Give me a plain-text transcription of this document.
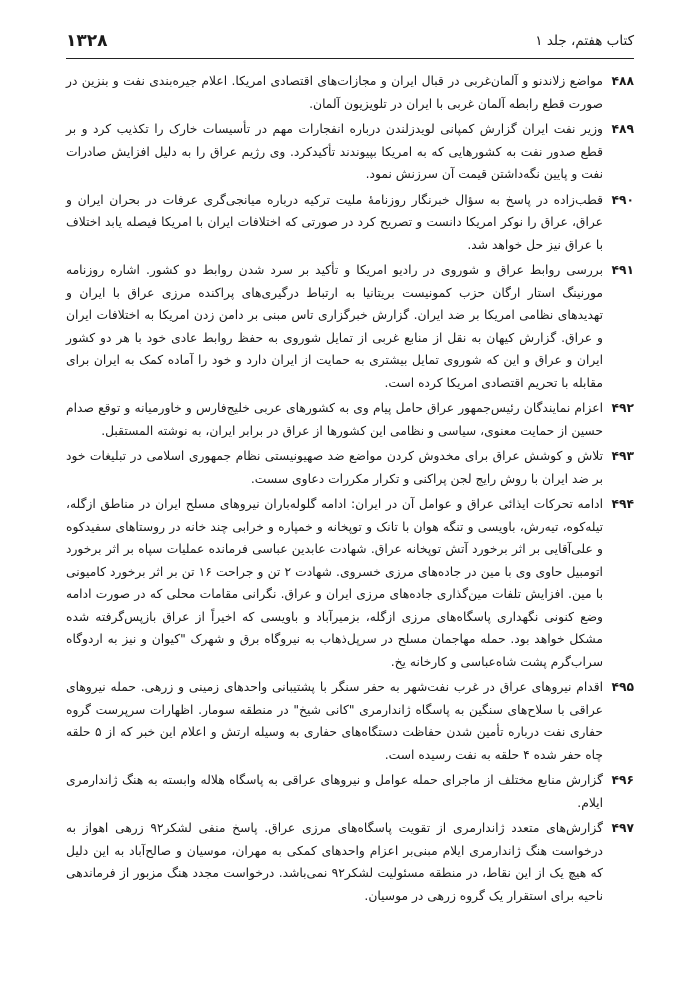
کتاب هفتم، جلد ۱
۱۳۲۸
۴۸۸
مواضع زلاندنو و آلمان‌غربی در قبال ایران و مجازات‌های اقتصادی امریکا. اعلام جیره‌بندی نفت و بنزین در صورت قطع رابطه آلمان غربی با ایران در تلویزیون آلمان.
۴۸۹
وزیر نفت ایران گزارش کمپانی لویدزلندن درباره انفجارات مهم در تأسیسات خارک را تکذیب کرد و بر قطع صدور نفت به کشورهایی که به امریکا بپیوندند تأکیدکرد. وی رژیم عراق را به دلیل افزایش صادرات نفت و پایین نگه‌داشتن قیمت آن سرزنش نمود.
۴۹۰
قطب‌زاده در پاسخ به سؤال خبرنگار روزنامهٔ ملیت ترکیه درباره میانجی‌گری عرفات در بحران ایران و عراق، عراق را نوکر امریکا دانست و تصریح کرد در صورتی که اختلافات ایران با امریکا فیصله یابد اختلاف با عراق نیز حل خواهد شد.
۴۹۱
بررسی روابط عراق و شوروی در رادیو امریکا و تأکید بر سرد شدن روابط دو کشور. اشاره روزنامه مورنینگ استار ارگان حزب کمونیست بریتانیا به ارتباط درگیری‌های پراکنده مرزی عراق با ایران و تهدیدهای نظامی امریکا بر ضد ایران. گزارش خبرگزاری تاس مبنی بر دامن زدن امریکا به اختلافات ایران و عراق. گزارش کیهان به نقل از منابع غربی از تمایل شوروی به حفظ روابط عادی خود با هر دو کشور ایران و عراق و این که شوروی تمایل بیشتری به حمایت از ایران دارد و خود را آماده کمک به ایران برای مقابله با تحریم اقتصادی امریکا کرده است.
۴۹۲
اعزام نمایندگان رئیس‌جمهور عراق حامل پیام وی به کشورهای عربی خلیج‌فارس و خاورمیانه و توقع صدام حسین از حمایت معنوی، سیاسی و نظامی این کشورها از عراق در برابر ایران، به نوشته المستقبل.
۴۹۳
تلاش و کوشش عراق برای مخدوش کردن مواضع ضد صهیونیستی نظام جمهوری اسلامی در تبلیغات خود بر ضد ایران با روش رایج لجن پراکنی و تکرار مکررات دعاوی سست.
۴۹۴
ادامه تحرکات ایذائی عراق و عوامل آن در ایران: ادامه گلوله‌باران نیروهای مسلح ایران در مناطق ازگله، تیله‌کوه، تیه‌رش، باویسی و تنگه هوان با تانک و توپخانه و خمپاره و خرابی چند خانه در روستاهای سفیدکوه و علی‌آقایی بر اثر برخورد آتش توپخانه عراق. شهادت عابدین عباسی فرمانده عملیات سپاه بر اثر برخورد اتومبیل حاوی وی با مین در جاده‌های مرزی خسروی. شهادت ۲ تن و جراحت ۱۶ تن بر اثر برخورد کامیونی با مین. افزایش تلفات مین‌گذاری جاده‌های مرزی ایران و عراق. نگرانی مقامات محلی که در صورت ادامه وضع کنونی نگهداری پاسگاه‌های مرزی ازگله، بزمیرآباد و باویسی که اخیراً از عراق بازپس‌گرفته شده مشکل خواهد بود. حمله مهاجمان مسلح در سرپل‌ذهاب به نیروگاه برق و شهرک "کیوان و نیز به اردوگاه سراب‌گرم پشت شاه‌عباسی و کارخانه یخ.
۴۹۵
اقدام نیروهای عراق در غرب نفت‌شهر به حفر سنگر با پشتیبانی واحدهای زمینی و زرهی. حمله نیروهای عراقی با سلاح‌های سنگین به پاسگاه ژاندارمری "کانی شیخ" در منطقه سومار. اظهارات سرپرست گروه حفاری نفت درباره تأمین شدن حفاظت دستگاه‌های حفاری به وسیله ارتش و اعلام این خبر که از ۵ حلقه چاه حفر شده ۴ حلقه به نفت رسیده است.
۴۹۶
گزارش منابع مختلف از ماجرای حمله عوامل و نیروهای عراقی به پاسگاه هلاله وابسته به هنگ ژاندارمری ایلام.
۴۹۷
گزارش‌های متعدد ژاندارمری از تقویت پاسگاه‌های مرزی عراق. پاسخ منفی لشکر۹۲ زرهی اهواز به درخواست هنگ ژاندارمری ایلام مبنی‌بر اعزام واحدهای کمکی به مهران، موسیان و صالح‌آباد به این دلیل که هیچ یک از این نقاط، در منطقه مسئولیت لشکر۹۲ نمی‌باشد. درخواست مجدد هنگ مزبور از فرماندهی ناحیه برای استقرار یک گروه زرهی در موسیان.
